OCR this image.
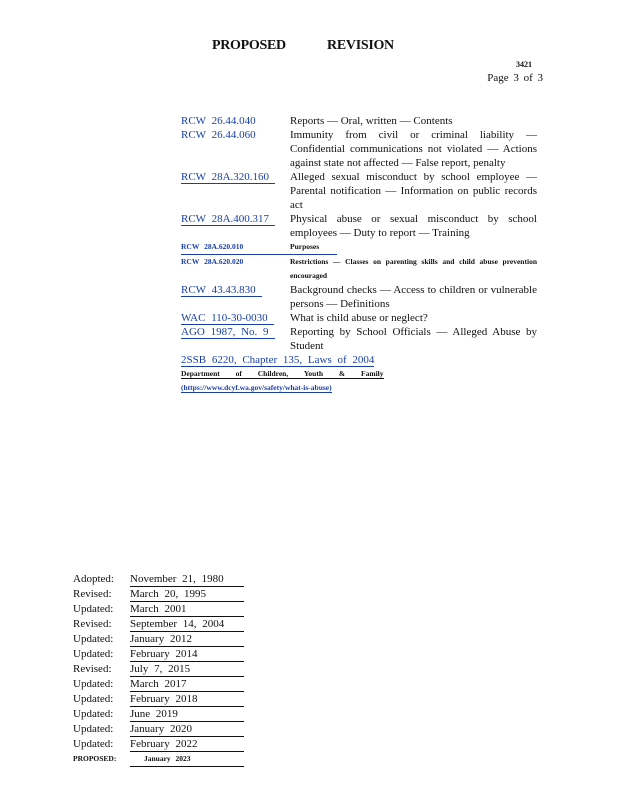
PROPOSED	REVISION
3421
Page 3 of 3
RCW 26.44.040	Reports — Oral, written — Contents
RCW 26.44.060	Immunity from civil or criminal liability — Confidential communications not violated — Actions against state not affected — False report, penalty
RCW 28A.320.160	Alleged sexual misconduct by school employee — Parental notification — Information on public records act
RCW 28A.400.317	Physical abuse or sexual misconduct by school employees — Duty to report — Training
RCW 28A.620.010	Purposes
RCW 28A.620.020	Restrictions — Classes on parenting skills and child abuse prevention encouraged
RCW 43.43.830	Background checks — Access to children or vulnerable persons — Definitions
WAC 110-30-0030	What is child abuse or neglect?
AGO 1987, No. 9	Reporting by School Officials — Alleged Abuse by Student
2SSB 6220, Chapter 135, Laws of 2004
Department of Children, Youth & Family
(https://www.dcyf.wa.gov/safety/what-is-abuse)
Adopted:	November 21, 1980
Revised:	March 20, 1995
Updated:	March 2001
Revised:	September 14, 2004
Updated:	January 2012
Updated:	February 2014
Revised:	July 7, 2015
Updated:	March 2017
Updated:	February 2018
Updated:	June 2019
Updated:	January 2020
Updated:	February 2022
PROPOSED:	January 2023
